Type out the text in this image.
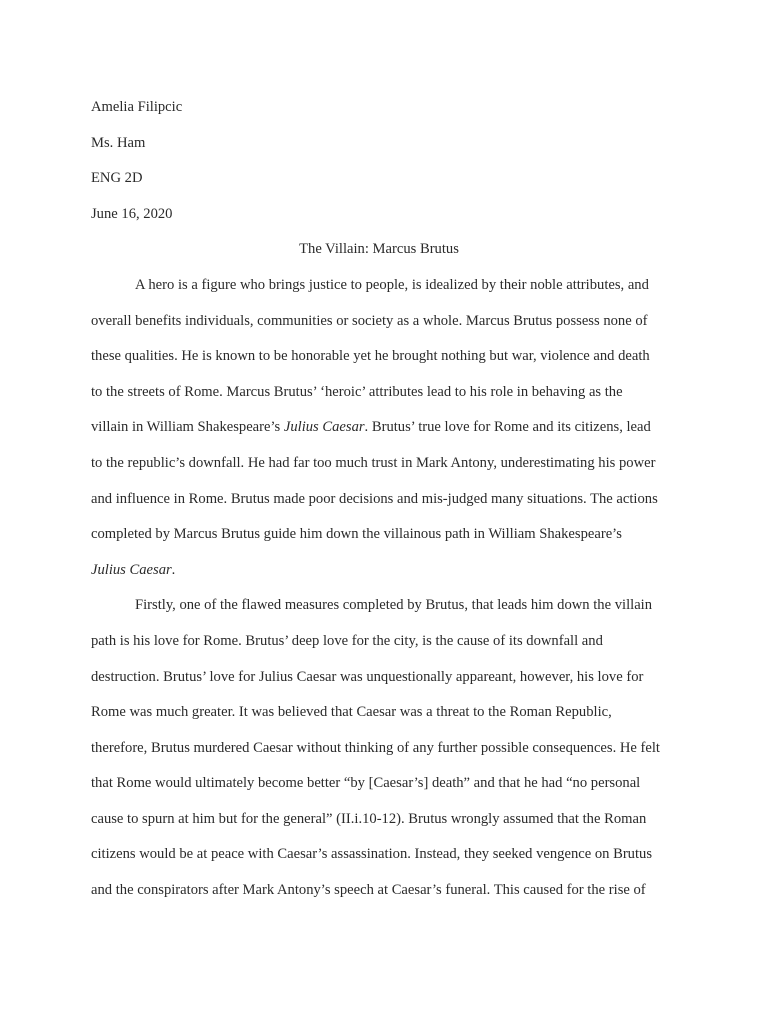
Amelia Filipcic

Ms. Ham

ENG 2D

June 16, 2020

The Villain: Marcus Brutus

A hero is a figure who brings justice to people, is idealized by their noble attributes, and
overall benefits individuals, communities or society as a whole. Marcus Brutus possess none of
these qualities. He is known to be honorable yet he brought nothing but war, violence and death
to the streets of Rome. Marcus Brutus’ ‘heroic’ attributes lead to his role in behaving as the
villain in William Shakespeare’s Julius Caesar. Brutus’ true love for Rome and its citizens, lead
to the republic’s downfall. He had far too much trust in Mark Antony, underestimating his power
and influence in Rome. Brutus made poor decisions and mis-judged many situations. The actions
completed by Marcus Brutus guide him down the villainous path in William Shakespeare’s
Julius Caesar.
Firstly, one of the flawed measures completed by Brutus, that leads him down the villain
path is his love for Rome. Brutus’ deep love for the city, is the cause of its downfall and
destruction. Brutus’ love for Julius Caesar was unquestionally appareant, however, his love for
Rome was much greater. It was believed that Caesar was a threat to the Roman Republic,
therefore, Brutus murdered Caesar without thinking of any further possible consequences. He felt
that Rome would ultimately become better “by [Caesar’s] death” and that he had “no personal
cause to spurn at him but for the general” (II.i.10-12). Brutus wrongly assumed that the Roman
citizens would be at peace with Caesar’s assassination. Instead, they seeked vengence on Brutus
and the conspirators after Mark Antony’s speech at Caesar’s funeral. This caused for the rise of
